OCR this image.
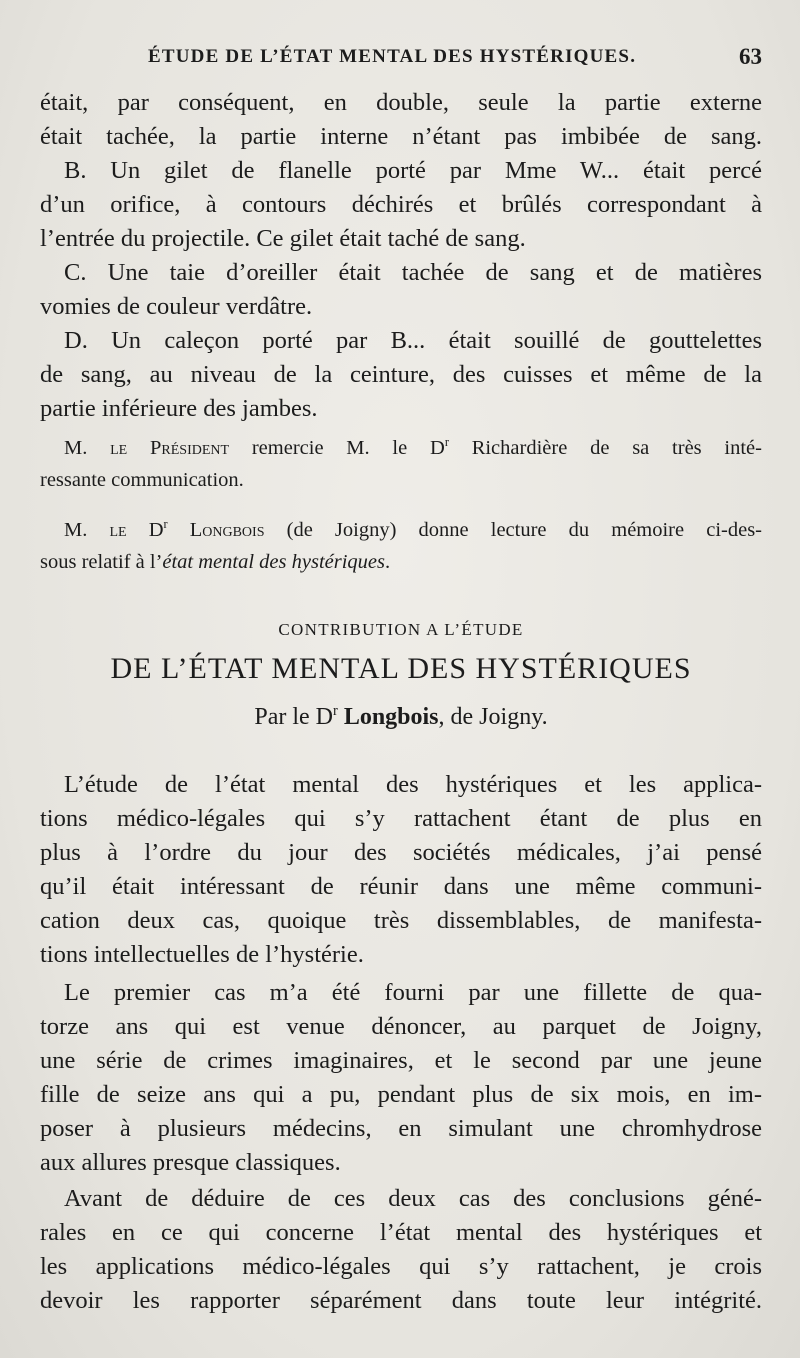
ÉTUDE DE L’ÉTAT MENTAL DES HYSTÉRIQUES.	63
était, par conséquent, en double, seule la partie externe
était tachée, la partie interne n’étant pas imbibée de sang.
B. Un gilet de flanelle porté par Mme W... était percé
d’un orifice, à contours déchirés et brûlés correspondant à
l’entrée du projectile. Ce gilet était taché de sang.
C. Une taie d’oreiller était tachée de sang et de matières
vomies de couleur verdâtre.
D. Un caleçon porté par B... était souillé de gouttelettes
de sang, au niveau de la ceinture, des cuisses et même de la
partie inférieure des jambes.
M. le Président remercie M. le $D^r$ Richardière de sa très inté-
ressante communication.
M. le $D^r$ Longbois (de Joigny) donne lecture du mémoire ci-des-
sous relatif à l’état mental des hystériques.
CONTRIBUTION A L’ÉTUDE
DE L’ÉTAT MENTAL DES HYSTÉRIQUES
Par le $D^r$ Longbois, de Joigny.
L’étude de l’état mental des hystériques et les applica-
tions médico-légales qui s’y rattachent étant de plus en
plus à l’ordre du jour des sociétés médicales, j’ai pensé
qu’il était intéressant de réunir dans une même communi-
cation deux cas, quoique très dissemblables, de manifesta-
tions intellectuelles de l’hystérie.
Le premier cas m’a été fourni par une fillette de qua-
torze ans qui est venue dénoncer, au parquet de Joigny,
une série de crimes imaginaires, et le second par une jeune
fille de seize ans qui a pu, pendant plus de six mois, en im-
poser à plusieurs médecins, en simulant une chromhydrose
aux allures presque classiques.
Avant de déduire de ces deux cas des conclusions géné-
rales en ce qui concerne l’état mental des hystériques et
les applications médico-légales qui s’y rattachent, je crois
devoir les rapporter séparément dans toute leur intégrité.
